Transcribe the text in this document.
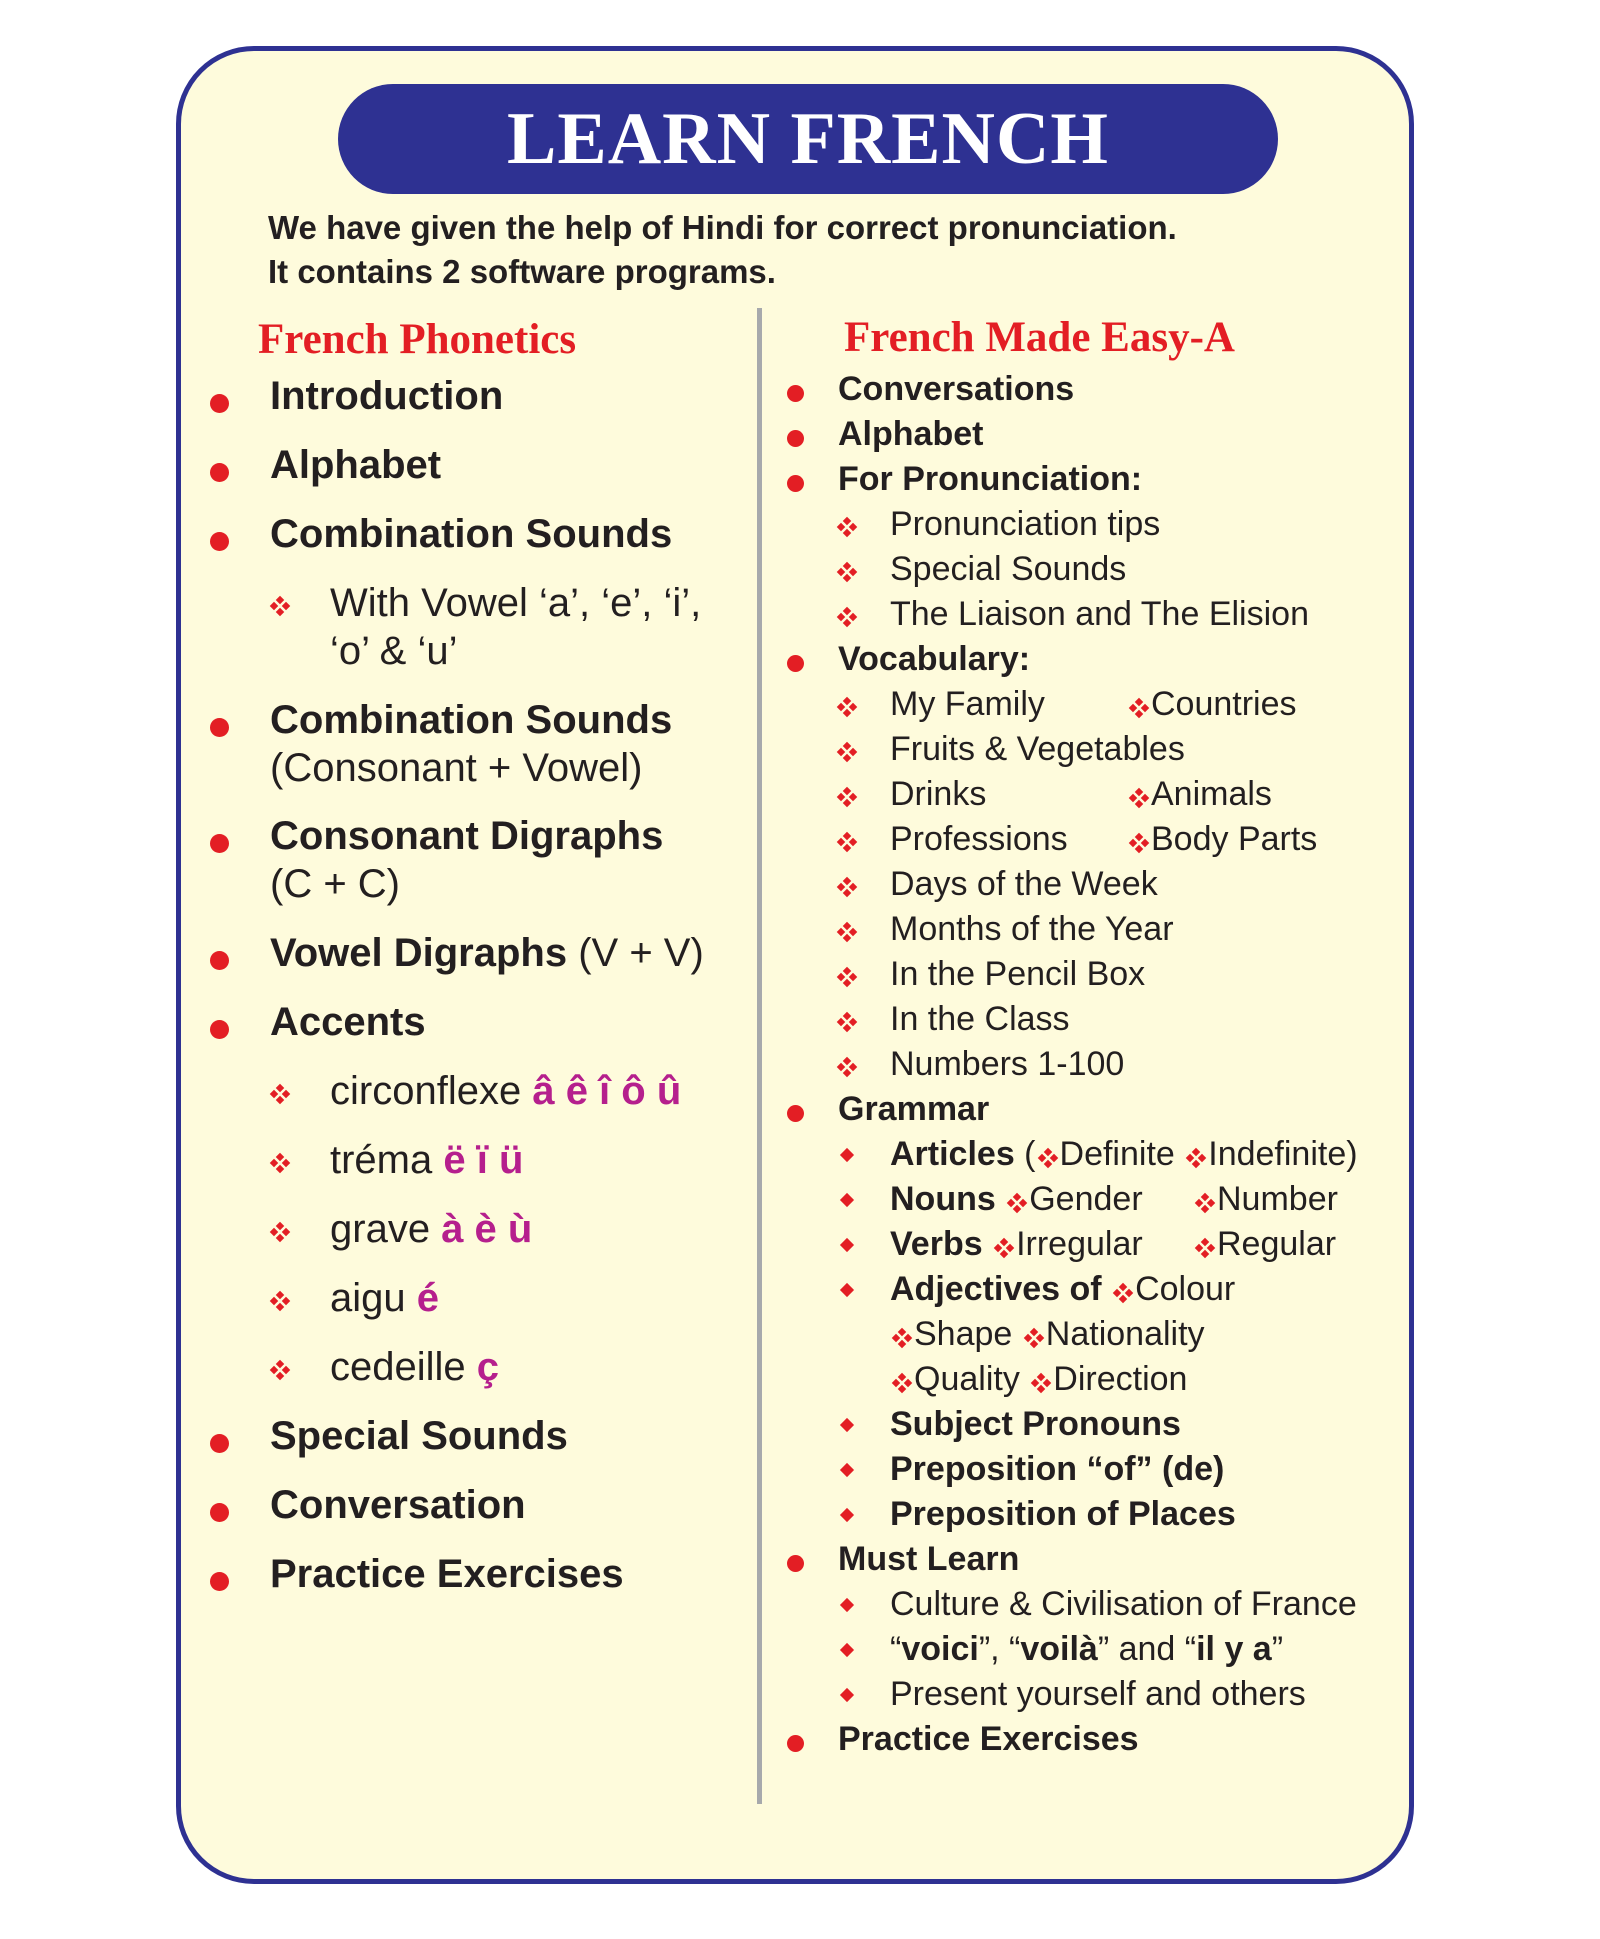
LEARN FRENCH
We have given the help of Hindi for correct pronunciation.
It contains 2 software programs.
French Phonetics
Introduction
Alphabet
Combination Sounds
With Vowel ‘a’, ‘e’, ‘i’,
‘o’ & ‘u’
Combination Sounds
(Consonant + Vowel)
Consonant Digraphs
(C + C)
Vowel Digraphs (V + V)
Accents
circonflexe â ê î ô û
tréma ë ï ü
grave à è ù
aigu é
cedeille ç
Special Sounds
Conversation
Practice Exercises
French Made Easy-A
Conversations
Alphabet
For Pronunciation:
Pronunciation tips
Special Sounds
The Liaison and The Elision
Vocabulary:
My Family	Countries
Fruits & Vegetables
Drinks	Animals
Professions	Body Parts
Days of the Week
Months of the Year
In the Pencil Box
In the Class
Numbers 1-100
Grammar
Articles ( Definite Indefinite)
Nouns Gender	Number
Verbs Irregular	Regular
Adjectives of Colour
Shape Nationality
Quality Direction
Subject Pronouns
Preposition “of” (de)
Preposition of Places
Must Learn
Culture & Civilisation of France
“voici”, “voilà” and “il y a”
Present yourself and others
Practice Exercises
